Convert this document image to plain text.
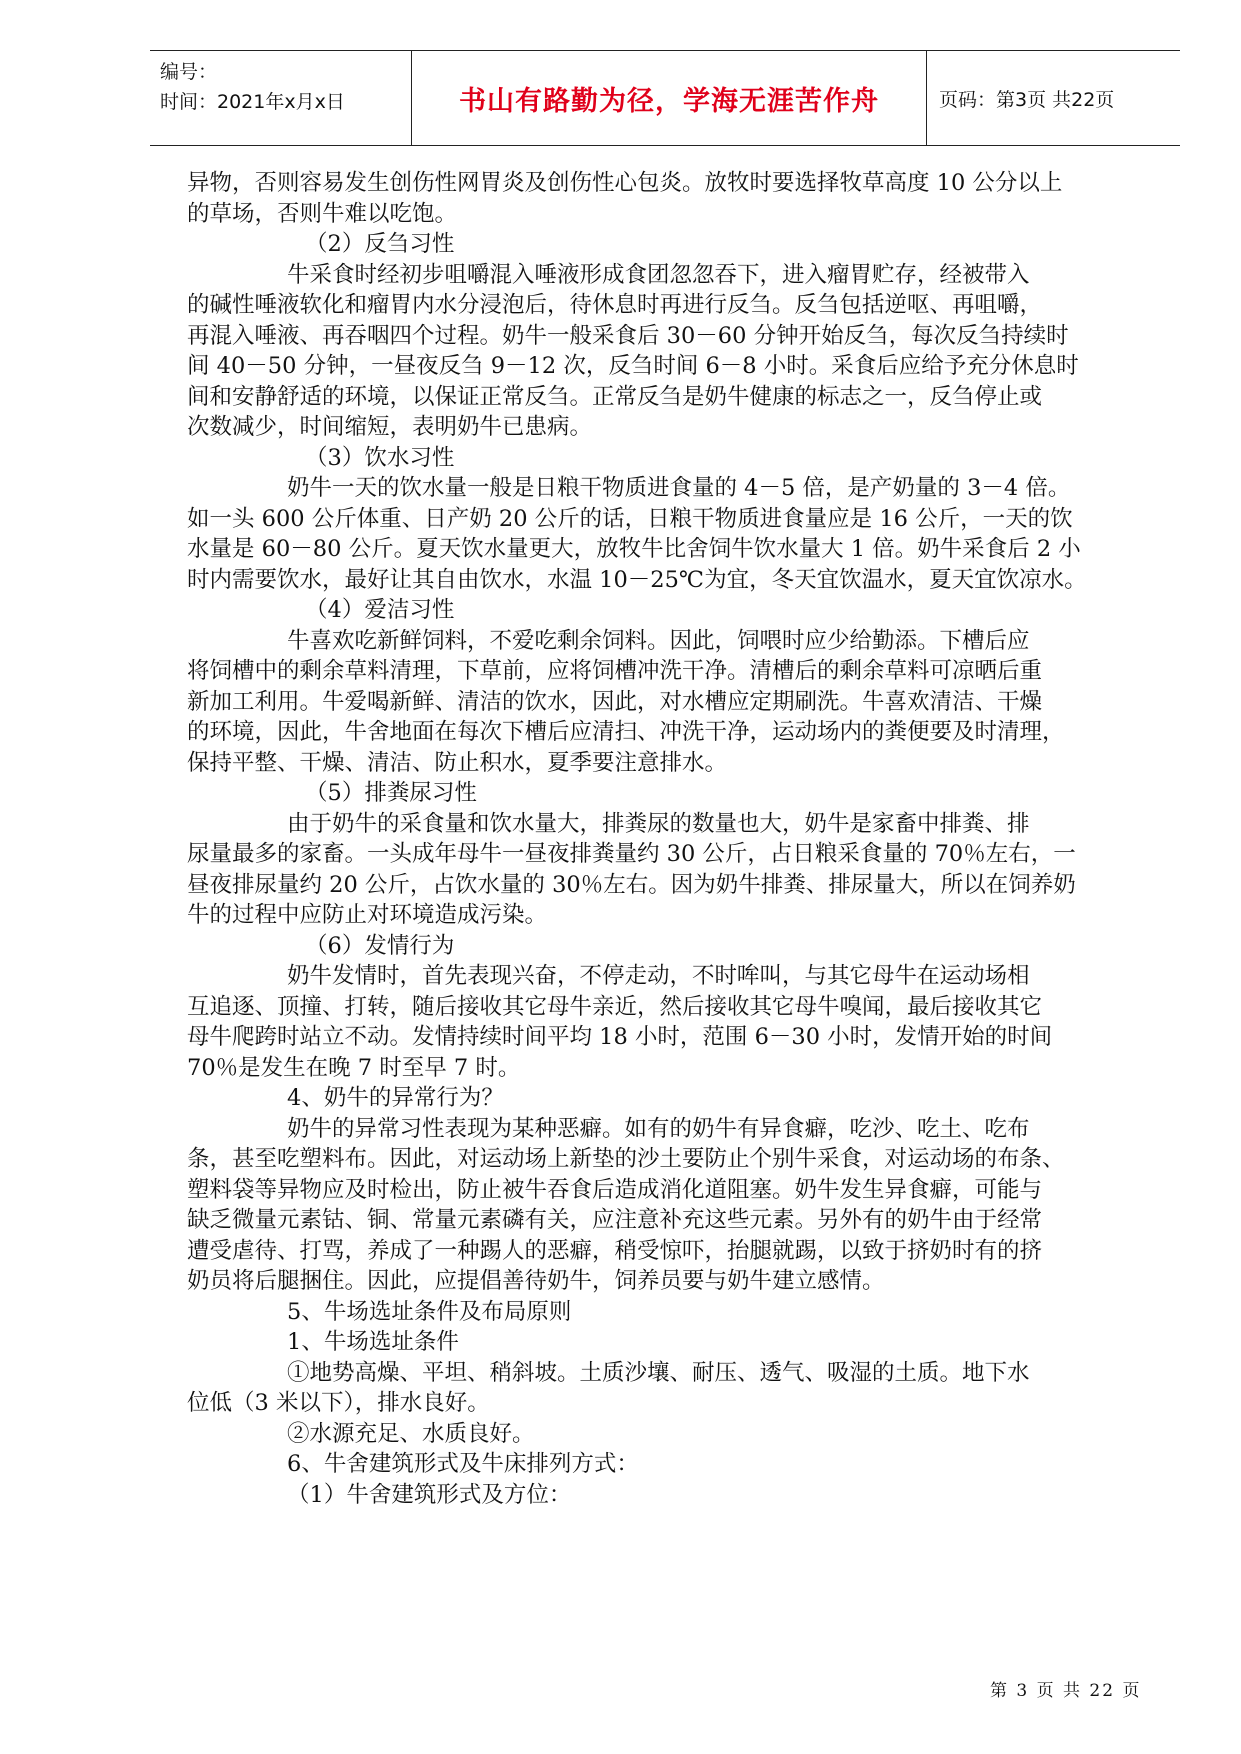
编号：
时间：2021年x月x日	书山有路勤为径，学海无涯苦作舟	页码：第3页 共22页

异物，否则容易发生创伤性网胃炎及创伤性心包炎。放牧时要选择牧草高度 10 公分以上

的草场，否则牛难以吃饱。

（2）反刍习性

牛采食时经初步咀嚼混入唾液形成食团忽忽吞下，进入瘤胃贮存，经被带入

的碱性唾液软化和瘤胃内水分浸泡后，待休息时再进行反刍。反刍包括逆呕、再咀嚼，

再混入唾液、再吞咽四个过程。奶牛一般采食后 30－60 分钟开始反刍，每次反刍持续时

间 40－50 分钟，一昼夜反刍 9－12 次，反刍时间 6－8 小时。采食后应给予充分休息时

间和安静舒适的环境，以保证正常反刍。正常反刍是奶牛健康的标志之一，反刍停止或

次数减少，时间缩短，表明奶牛已患病。

（3）饮水习性

奶牛一天的饮水量一般是日粮干物质进食量的 4－5 倍，是产奶量的 3－4 倍。

如一头 600 公斤体重、日产奶 20 公斤的话，日粮干物质进食量应是 16 公斤，一天的饮

水量是 60－80 公斤。夏天饮水量更大，放牧牛比舍饲牛饮水量大 1 倍。奶牛采食后 2 小

时内需要饮水，最好让其自由饮水，水温 10－25℃为宜，冬天宜饮温水，夏天宜饮凉水。

（4）爱洁习性

牛喜欢吃新鲜饲料，不爱吃剩余饲料。因此，饲喂时应少给勤添。下槽后应

将饲槽中的剩余草料清理，下草前，应将饲槽冲洗干净。清槽后的剩余草料可凉晒后重

新加工利用。牛爱喝新鲜、清洁的饮水，因此，对水槽应定期刷洗。牛喜欢清洁、干燥

的环境，因此，牛舍地面在每次下槽后应清扫、冲洗干净，运动场内的粪便要及时清理，

保持平整、干燥、清洁、防止积水，夏季要注意排水。

（5）排粪尿习性

由于奶牛的采食量和饮水量大，排粪尿的数量也大，奶牛是家畜中排粪、排

尿量最多的家畜。一头成年母牛一昼夜排粪量约 30 公斤，占日粮采食量的 70％左右，一

昼夜排尿量约 20 公斤，占饮水量的 30％左右。因为奶牛排粪、排尿量大，所以在饲养奶

牛的过程中应防止对环境造成污染。

（6）发情行为

奶牛发情时，首先表现兴奋，不停走动，不时哞叫，与其它母牛在运动场相

互追逐、顶撞、打转，随后接收其它母牛亲近，然后接收其它母牛嗅闻，最后接收其它

母牛爬跨时站立不动。发情持续时间平均 18 小时，范围 6－30 小时，发情开始的时间

70％是发生在晚 7 时至早 7 时。

4、奶牛的异常行为？

奶牛的异常习性表现为某种恶癖。如有的奶牛有异食癖，吃沙、吃土、吃布

条，甚至吃塑料布。因此，对运动场上新垫的沙土要防止个别牛采食，对运动场的布条、

塑料袋等异物应及时检出，防止被牛吞食后造成消化道阻塞。奶牛发生异食癖，可能与

缺乏微量元素钴、铜、常量元素磷有关，应注意补充这些元素。另外有的奶牛由于经常

遭受虐待、打骂，养成了一种踢人的恶癖，稍受惊吓，抬腿就踢，以致于挤奶时有的挤

奶员将后腿捆住。因此，应提倡善待奶牛，饲养员要与奶牛建立感情。

5、牛场选址条件及布局原则

1、牛场选址条件

①地势高燥、平坦、稍斜坡。土质沙壤、耐压、透气、吸湿的土质。地下水

位低（3 米以下），排水良好。

②水源充足、水质良好。

6、牛舍建筑形式及牛床排列方式：

（1）牛舍建筑形式及方位：

第 3 页 共 22 页
